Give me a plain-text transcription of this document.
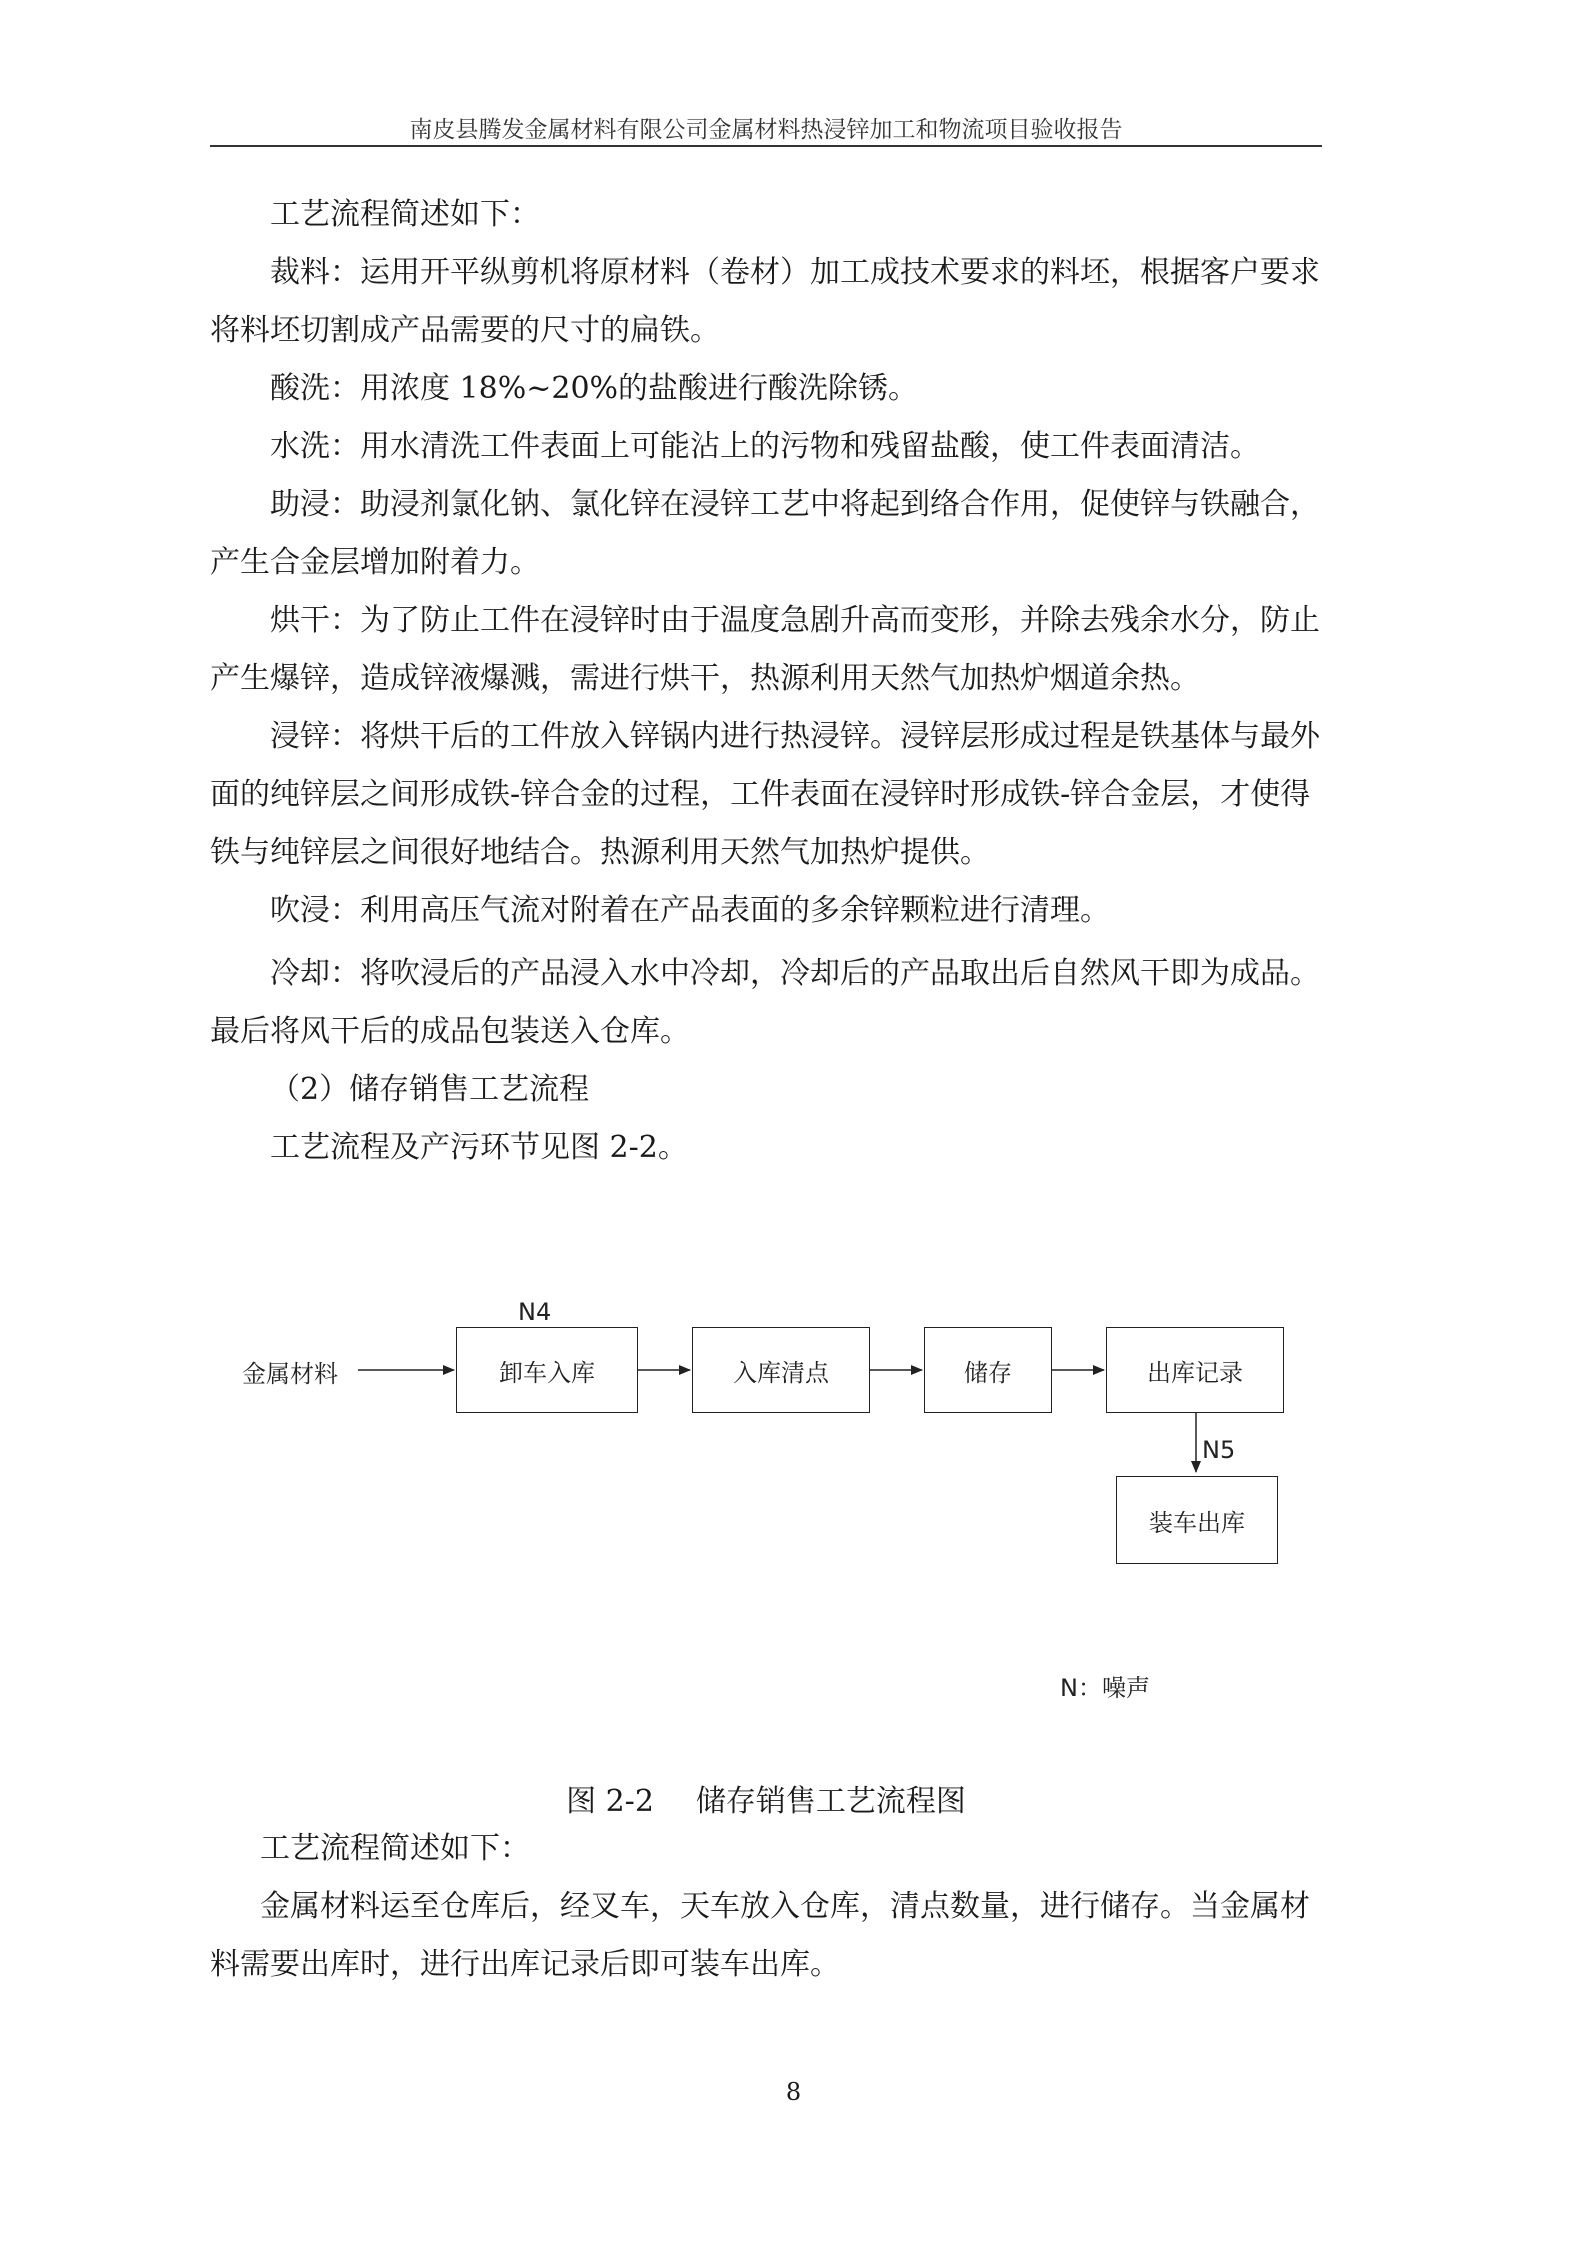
南皮县腾发金属材料有限公司金属材料热浸锌加工和物流项目验收报告

工艺流程简述如下：

裁料：运用开平纵剪机将原材料（卷材）加工成技术要求的料坯，根据客户要求将料坯切割成产品需要的尺寸的扁铁。

酸洗：用浓度 18%~20%的盐酸进行酸洗除锈。

水洗：用水清洗工件表面上可能沾上的污物和残留盐酸，使工件表面清洁。

助浸：助浸剂氯化钠、氯化锌在浸锌工艺中将起到络合作用，促使锌与铁融合，产生合金层增加附着力。

烘干：为了防止工件在浸锌时由于温度急剧升高而变形，并除去残余水分，防止产生爆锌，造成锌液爆溅，需进行烘干，热源利用天然气加热炉烟道余热。

浸锌：将烘干后的工件放入锌锅内进行热浸锌。浸锌层形成过程是铁基体与最外面的纯锌层之间形成铁-锌合金的过程，工件表面在浸锌时形成铁-锌合金层，才使得铁与纯锌层之间很好地结合。热源利用天然气加热炉提供。

吹浸：利用高压气流对附着在产品表面的多余锌颗粒进行清理。

冷却：将吹浸后的产品浸入水中冷却，冷却后的产品取出后自然风干即为成品。最后将风干后的成品包装送入仓库。

（2）储存销售工艺流程

工艺流程及产污环节见图 2-2。

金属材料	卸车入库
N4
入库清点	储存	出库记录
N5
装车出库
N：噪声
图 2-2 储存销售工艺流程图

工艺流程简述如下：

金属材料运至仓库后，经叉车，天车放入仓库，清点数量，进行储存。当金属材料需要出库时，进行出库记录后即可装车出库。

8
